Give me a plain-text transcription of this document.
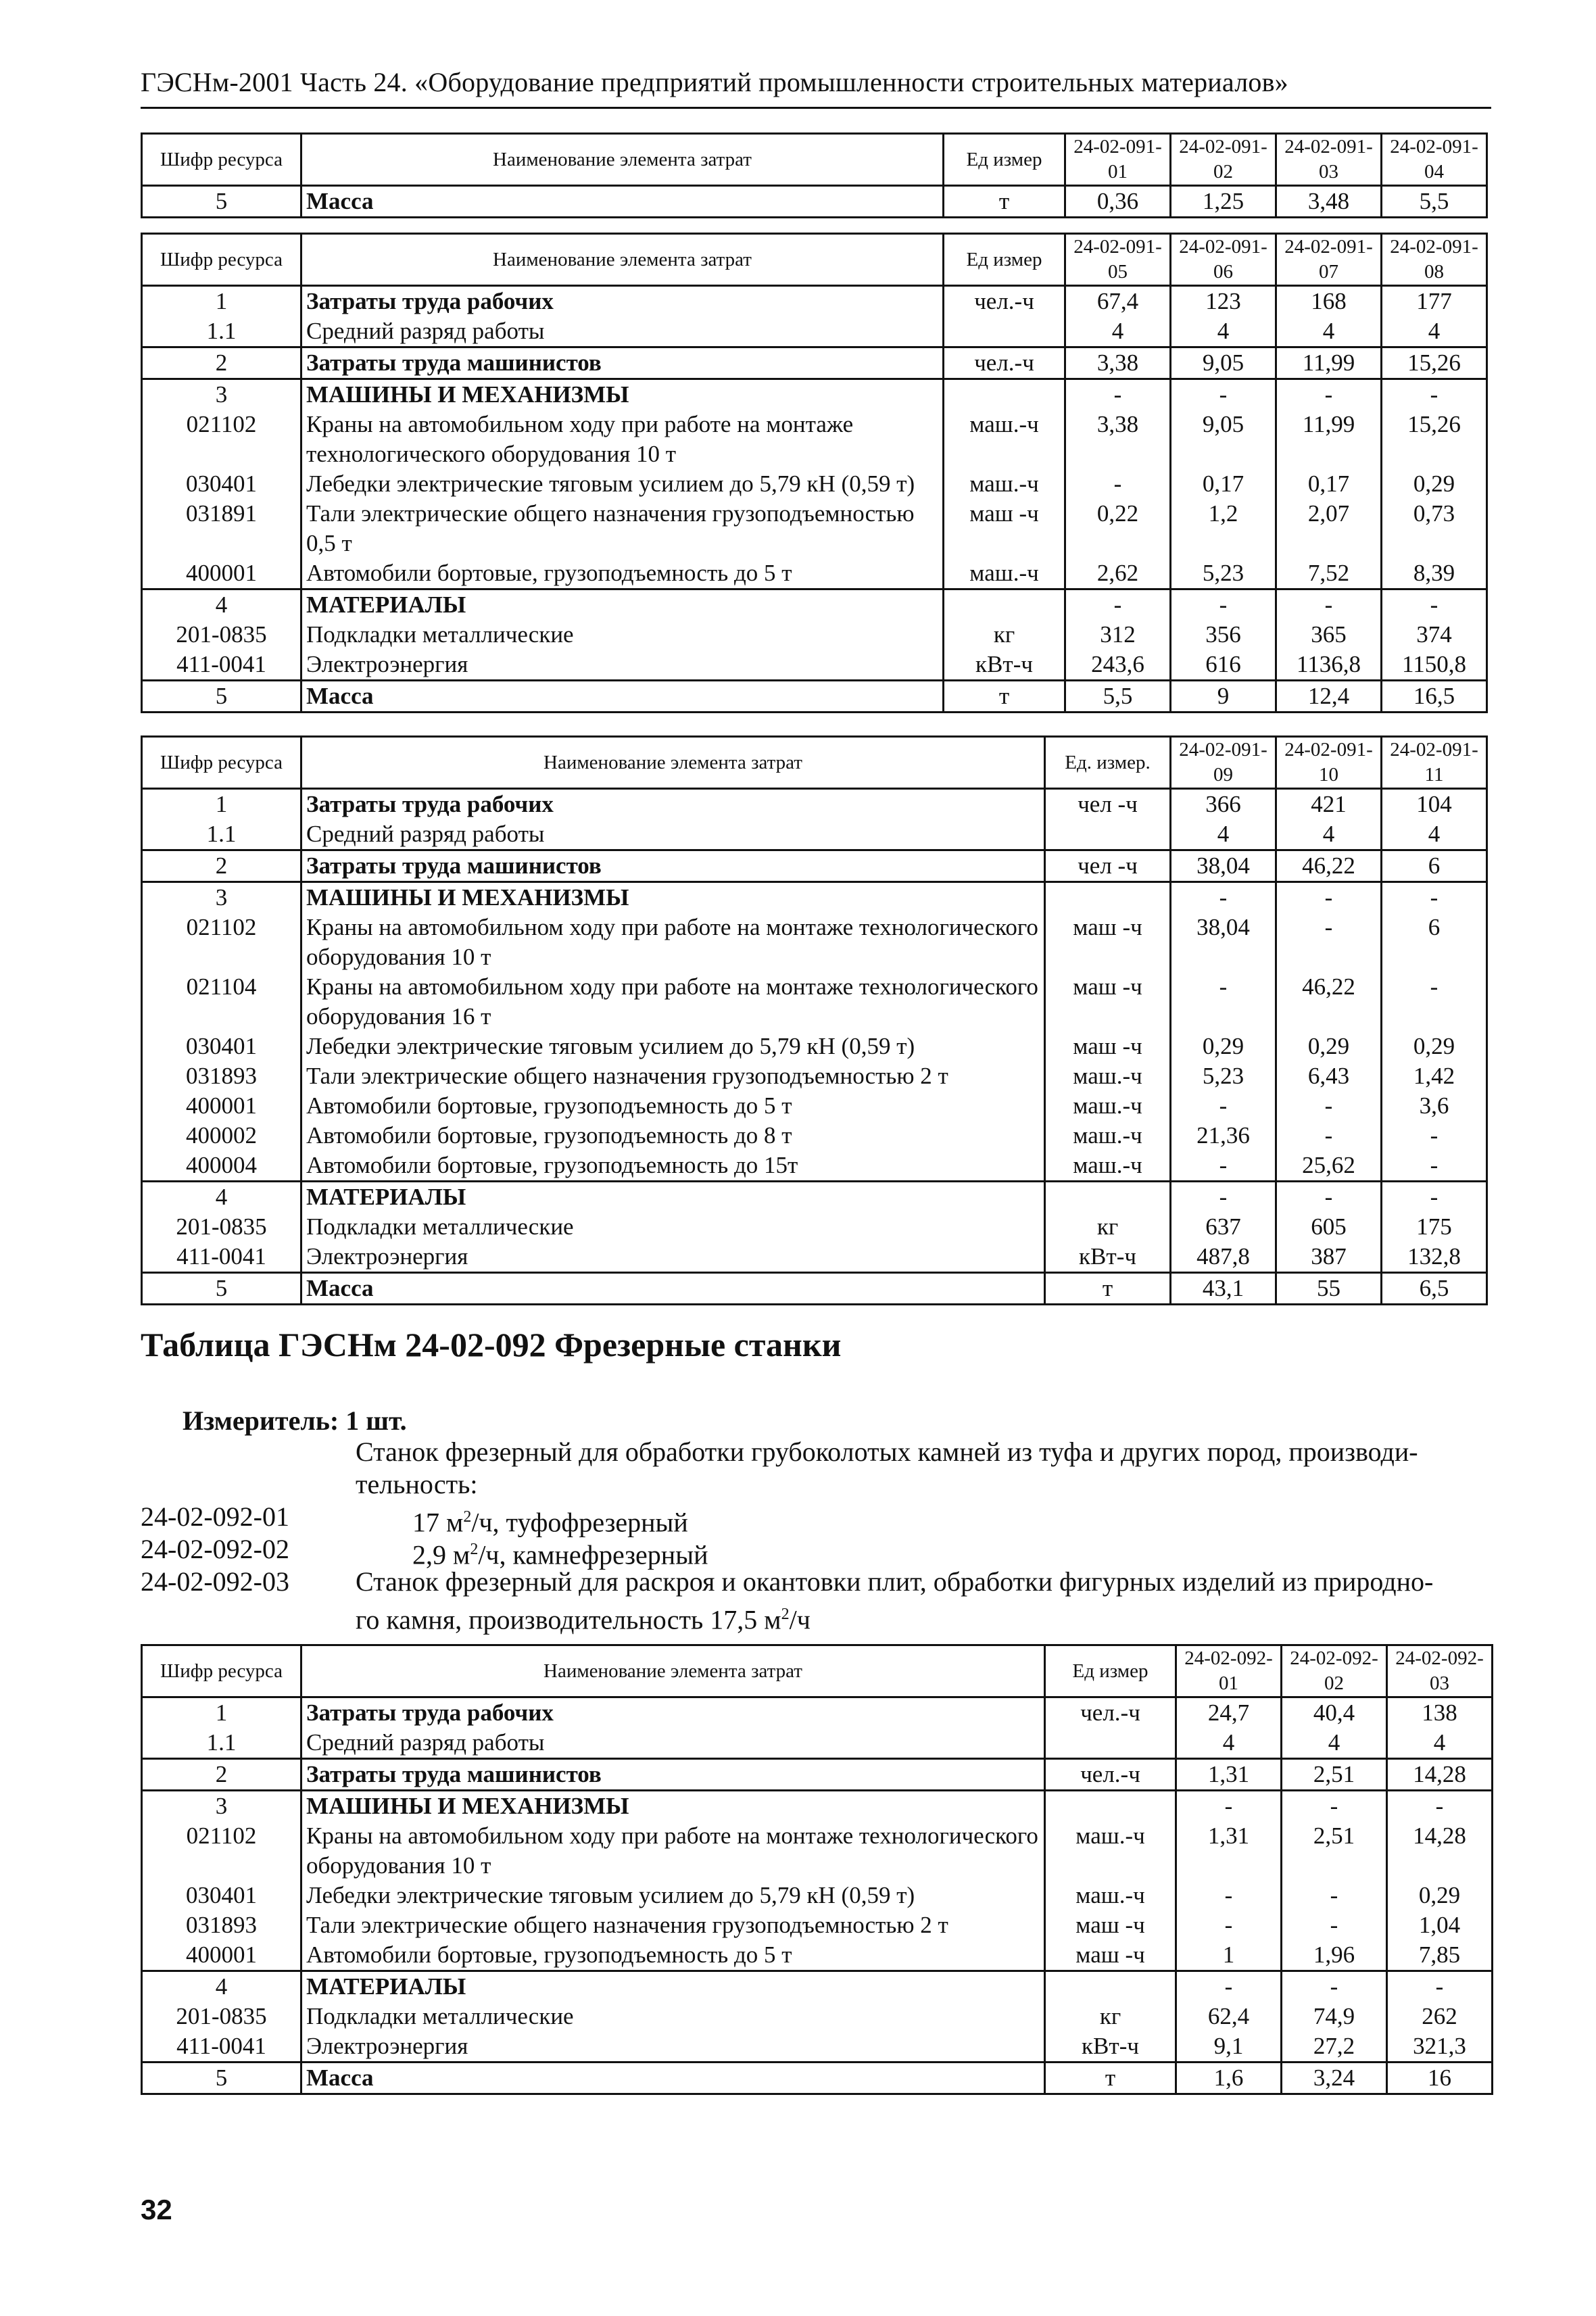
ГЭСНм-2001 Часть 24. «Оборудование предприятий промышленности строительных материалов»
Шифр ресурса	Наименование элемента затрат	Ед измер	24-02-091-01	24-02-091-02	24-02-091-03	24-02-091-04
5	Масса	т	0,36	1,25	3,48	5,5
Шифр ресурса	Наименование элемента затрат	Ед измер	24-02-091-05	24-02-091-06	24-02-091-07	24-02-091-08
1	Затраты труда рабочих	чел.-ч	67,4	123	168	177
1.1	Средний разряд работы		4	4	4	4
2	Затраты труда машинистов	чел.-ч	3,38	9,05	11,99	15,26
3	МАШИНЫ И МЕХАНИЗМЫ		-	-	-	-
021102	Краны на автомобильном ходу при работе на монтаже технологического оборудования 10 т	маш.-ч	3,38	9,05	11,99	15,26
030401	Лебедки электрические тяговым усилием до 5,79 кН (0,59 т)	маш.-ч	-	0,17	0,17	0,29
031891	Тали электрические общего назначения грузоподъемностью 0,5 т	маш -ч	0,22	1,2	2,07	0,73
400001	Автомобили бортовые, грузоподъемность до 5 т	маш.-ч	2,62	5,23	7,52	8,39
4	МАТЕРИАЛЫ		-	-	-	-
201-0835	Подкладки металлические	кг	312	356	365	374
411-0041	Электроэнергия	кВт-ч	243,6	616	1136,8	1150,8
5	Масса	т	5,5	9	12,4	16,5
Шифр ресурса	Наименование элемента затрат	Ед. измер.	24-02-091-09	24-02-091-10	24-02-091-11
1	Затраты труда рабочих	чел -ч	366	421	104
1.1	Средний разряд работы		4	4	4
2	Затраты труда машинистов	чел -ч	38,04	46,22	6
3	МАШИНЫ И МЕХАНИЗМЫ		-	-	-
021102	Краны на автомобильном ходу при работе на монтаже технологического оборудования 10 т	маш -ч	38,04	-	6
021104	Краны на автомобильном ходу при работе на монтаже технологического оборудования 16 т	маш -ч	-	46,22	-
030401	Лебедки электрические тяговым усилием до 5,79 кН (0,59 т)	маш -ч	0,29	0,29	0,29
031893	Тали электрические общего назначения грузоподъемностью 2 т	маш.-ч	5,23	6,43	1,42
400001	Автомобили бортовые, грузоподъемность до 5 т	маш.-ч	-	-	3,6
400002	Автомобили бортовые, грузоподъемность до 8 т	маш.-ч	21,36	-	-
400004	Автомобили бортовые, грузоподъемность до 15т	маш.-ч	-	25,62	-
4	МАТЕРИАЛЫ		-	-	-
201-0835	Подкладки металлические	кг	637	605	175
411-0041	Электроэнергия	кВт-ч	487,8	387	132,8
5	Масса	т	43,1	55	6,5
Таблица ГЭСНм 24-02-092 Фрезерные станки
Измеритель: 1 шт.
Станок фрезерный для обработки грубоколотых камней из туфа и других пород, производи-
тельность:
24-02-092-01	17 $м^2/ч$, туфофрезерный
24-02-092-02	2,9 $м^2/ч$, камнефрезерный
24-02-092-03 Станок фрезерный для раскроя и окантовки плит, обработки фигурных изделий из природно-
го камня, производительность 17,5 $м^2/ч$
Шифр ресурса	Наименование элемента затрат	Ед измер	24-02-092-01	24-02-092-02	24-02-092-03
1	Затраты труда рабочих	чел.-ч	24,7	40,4	138
1.1	Средний разряд работы		4	4	4
2	Затраты труда машинистов	чел.-ч	1,31	2,51	14,28
3	МАШИНЫ И МЕХАНИЗМЫ		-	-	-
021102	Краны на автомобильном ходу при работе на монтаже технологического оборудования 10 т	маш.-ч	1,31	2,51	14,28
030401	Лебедки электрические тяговым усилием до 5,79 кН (0,59 т)	маш.-ч	-	-	0,29
031893	Тали электрические общего назначения грузоподъемностью 2 т	маш -ч	-	-	1,04
400001	Автомобили бортовые, грузоподъемность до 5 т	маш -ч	1	1,96	7,85
4	МАТЕРИАЛЫ		-	-	-
201-0835	Подкладки металлические	кг	62,4	74,9	262
411-0041	Электроэнергия	кВт-ч	9,1	27,2	321,3
5	Масса	т	1,6	3,24	16
32
